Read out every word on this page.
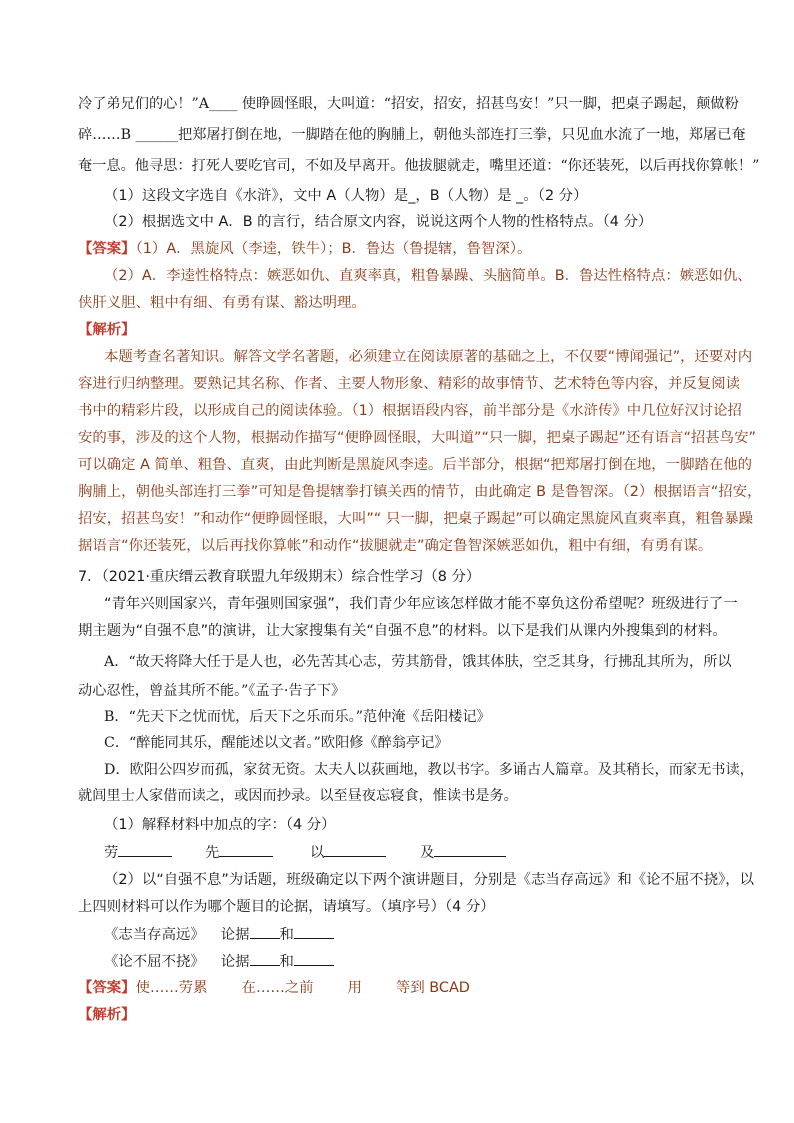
冷了弟兄们的心！”A____ 使睁圆怪眼，大叫道：“招安，招安，招甚鸟安！”只一脚，把桌子踢起，颠做粉
碎……B ______把郑屠打倒在地，一脚踏在他的胸脯上，朝他头部连打三拳，只见血水流了一地，郑屠已奄
奄一息。他寻思：打死人要吃官司，不如及早离开。他拔腿就走，嘴里还道：“你还装死，以后再找你算帐！”
（1）这段文字选自《水浒》，文中 A（人物）是_，B（人物）是 _。（2 分）
（2）根据选文中 A．B 的言行，结合原文内容，说说这两个人物的性格特点。（4 分）
【答案】（1）A．黑旋风（李逵，铁牛）；B．鲁达（鲁提辖，鲁智深）。
（2）A．李逵性格特点：嫉恶如仇、直爽率真，粗鲁暴躁、头脑简单。B．鲁达性格特点：嫉恶如仇、
侠肝义胆、粗中有细、有勇有谋、豁达明理。
【解析】
本题考查名著知识。解答文学名著题，必须建立在阅读原著的基础之上，不仅要“博闻强记”，还要对内
容进行归纳整理。要熟记其名称、作者、主要人物形象、精彩的故事情节、艺术特色等内容，并反复阅读
书中的精彩片段，以形成自己的阅读体验。（1）根据语段内容，前半部分是《水浒传》中几位好汉讨论招
安的事，涉及的这个人物，根据动作描写“便睁圆怪眼，大叫道”“只一脚，把桌子踢起”还有语言“招甚鸟安”
可以确定 A 简单、粗鲁、直爽，由此判断是黑旋风李逵。后半部分，根据“把郑屠打倒在地，一脚踏在他的
胸脯上，朝他头部连打三拳”可知是鲁提辖拳打镇关西的情节，由此确定 B 是鲁智深。（2）根据语言“招安，
招安，招甚鸟安！”和动作“便睁圆怪眼，大叫”“ 只一脚，把桌子踢起”可以确定黑旋风直爽率真，粗鲁暴躁
据语言“你还装死，以后再找你算帐”和动作“拔腿就走”确定鲁智深嫉恶如仇，粗中有细，有勇有谋。
7．（2021·重庆缙云教育联盟九年级期末）综合性学习（8 分）
“青年兴则国家兴，青年强则国家强”，我们青少年应该怎样做才能不辜负这份希望呢？班级进行了一
期主题为“自强不息”的演讲，让大家搜集有关“自强不息”的材料。以下是我们从课内外搜集到的材料。
A．“故天将降大任于是人也，必先苦其心志，劳其筋骨，饿其体肤，空乏其身，行拂乱其所为，所以
动心忍性，曾益其所不能。”《孟子·告子下》
B．“先天下之忧而忧，后天下之乐而乐。”范仲淹《岳阳楼记》
C．“醉能同其乐，醒能述以文者。”欧阳修《醉翁亭记》
D．欧阳公四岁而孤，家贫无资。太夫人以荻画地，教以书字。多诵古人篇章。及其稍长，而家无书读，
就闾里士人家借而读之，或因而抄录。以至昼夜忘寝食，惟读书是务。
（1）解释材料中加点的字：（4 分）
劳	先	以	及
（2）以“自强不息”为话题，班级确定以下两个演讲题目，分别是《志当存高远》和《论不屈不挠》，以
上四则材料可以作为哪个题目的论据，请填写。（填序号）（4 分）
《志当存高远》 论据 和
《论不屈不挠》 论据 和
【答案】使……劳累 在……之前 用 等到 BCAD
【解析】
